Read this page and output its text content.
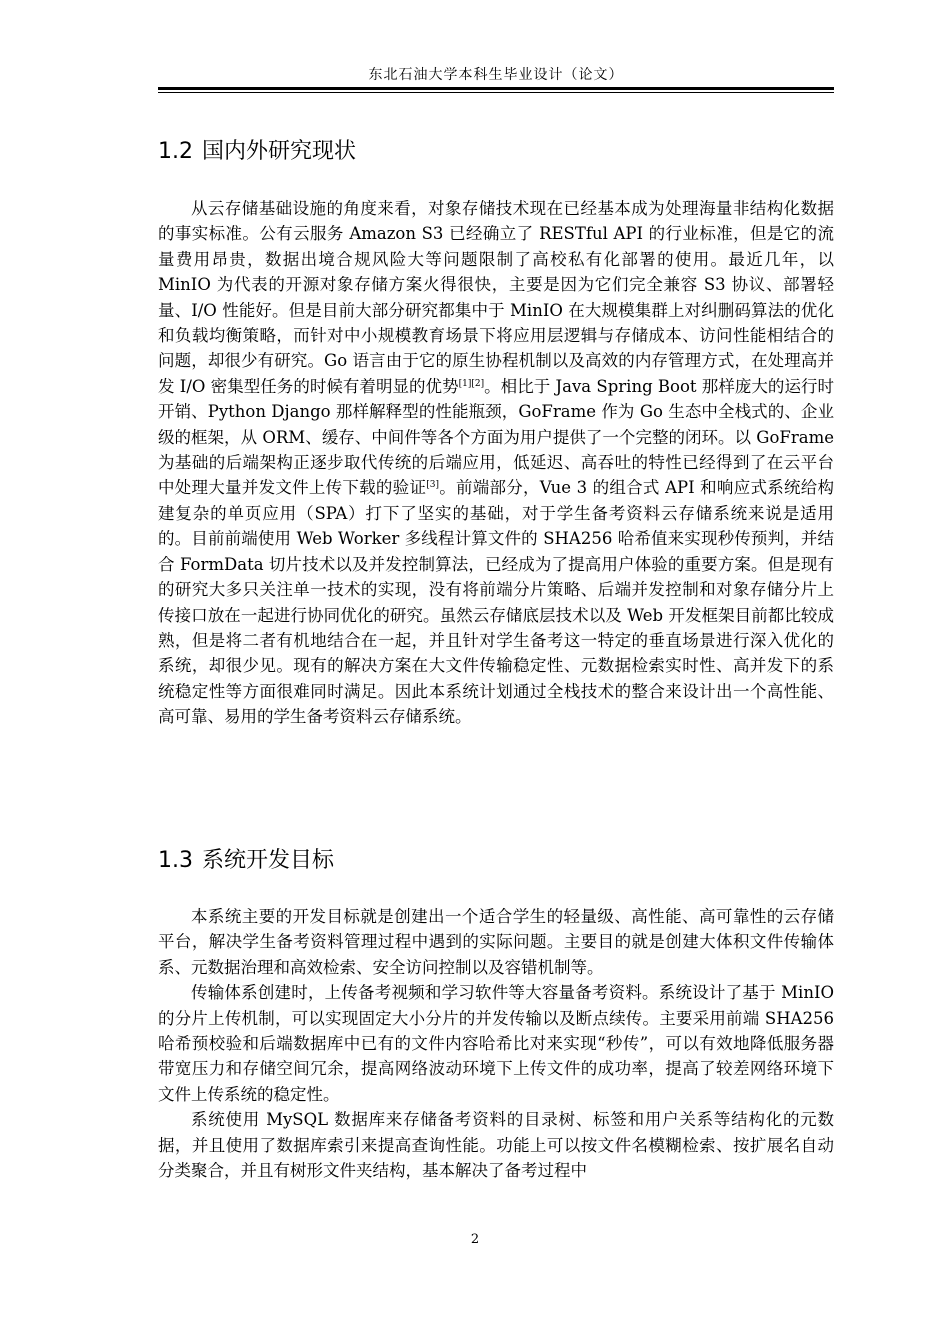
东北石油大学本科生毕业设计（论文）
1.2 国内外研究现状

从云存储基础设施的角度来看，对象存储技术现在已经基本成为处理海量非结构化数据的事实标准。公有云服务 Amazon S3 已经确立了 RESTful API 的行业标准，但是它的流量费用昂贵，数据出境合规风险大等问题限制了高校私有化部署的使用。最近几年，以 MinIO 为代表的开源对象存储方案火得很快，主要是因为它们完全兼容 S3 协议、部署轻量、I/O 性能好。但是目前大部分研究都集中于 MinIO 在大规模集群上对纠删码算法的优化和负载均衡策略，而针对中小规模教育场景下将应用层逻辑与存储成本、访问性能相结合的问题，却很少有研究。Go 语言由于它的原生协程机制以及高效的内存管理方式，在处理高并发 I/O 密集型任务的时候有着明显的优势[1][2]。相比于 Java Spring Boot 那样庞大的运行时开销、Python Django 那样解释型的性能瓶颈，GoFrame 作为 Go 生态中全栈式的、企业级的框架，从 ORM、缓存、中间件等各个方面为用户提供了一个完整的闭环。以 GoFrame 为基础的后端架构正逐步取代传统的后端应用，低延迟、高吞吐的特性已经得到了在云平台中处理大量并发文件上传下载的验证[3]。前端部分，Vue 3 的组合式 API 和响应式系统给构建复杂的单页应用（SPA）打下了坚实的基础，对于学生备考资料云存储系统来说是适用的。目前前端使用 Web Worker 多线程计算文件的 SHA256 哈希值来实现秒传预判，并结合 FormData 切片技术以及并发控制算法，已经成为了提高用户体验的重要方案。但是现有的研究大多只关注单一技术的实现，没有将前端分片策略、后端并发控制和对象存储分片上传接口放在一起进行协同优化的研究。虽然云存储底层技术以及 Web 开发框架目前都比较成熟，但是将二者有机地结合在一起，并且针对学生备考这一特定的垂直场景进行深入优化的系统，却很少见。现有的解决方案在大文件传输稳定性、元数据检索实时性、高并发下的系统稳定性等方面很难同时满足。因此本系统计划通过全栈技术的整合来设计出一个高性能、高可靠、易用的学生备考资料云存储系统。

1.3 系统开发目标

本系统主要的开发目标就是创建出一个适合学生的轻量级、高性能、高可靠性的云存储平台，解决学生备考资料管理过程中遇到的实际问题。主要目的就是创建大体积文件传输体系、元数据治理和高效检索、安全访问控制以及容错机制等。

传输体系创建时，上传备考视频和学习软件等大容量备考资料。系统设计了基于 MinIO 的分片上传机制，可以实现固定大小分片的并发传输以及断点续传。主要采用前端 SHA256 哈希预校验和后端数据库中已有的文件内容哈希比对来实现“秒传”，可以有效地降低服务器带宽压力和存储空间冗余，提高网络波动环境下上传文件的成功率，提高了较差网络环境下文件上传系统的稳定性。

系统使用 MySQL 数据库来存储备考资料的目录树、标签和用户关系等结构化的元数据，并且使用了数据库索引来提高查询性能。功能上可以按文件名模糊检索、按扩展名自动分类聚合，并且有树形文件夹结构，基本解决了备考过程中

2
